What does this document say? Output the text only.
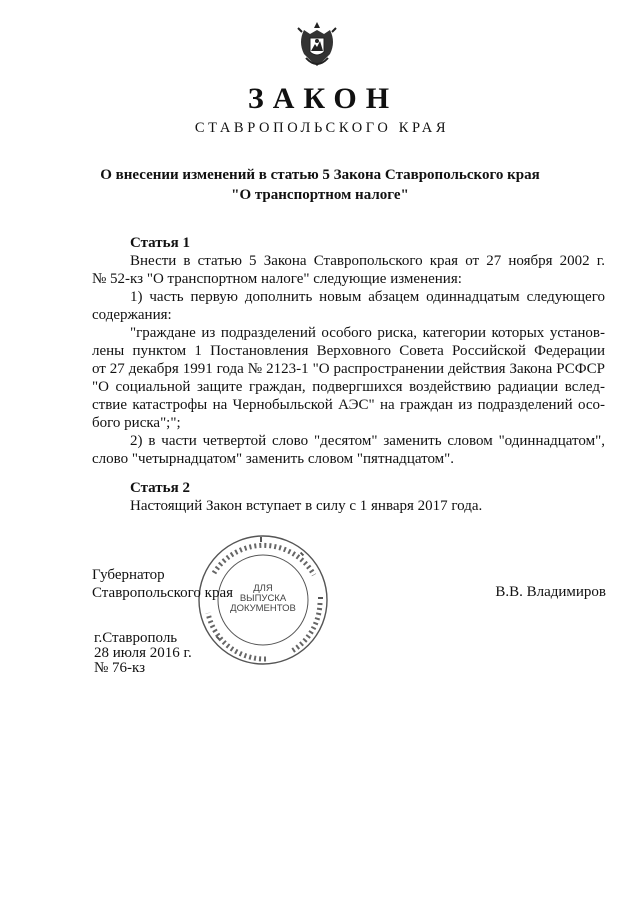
ЗАКОН
СТАВРОПОЛЬСКОГО КРАЯ
О внесении изменений в статью 5 Закона Ставропольского края
"О транспортном налоге"
Статья 1
Внести в статью 5 Закона Ставропольского края от 27 ноября 2002 г.
№ 52-кз "О транспортном налоге" следующие изменения:
1) часть первую дополнить новым абзацем одиннадцатым следующего
содержания:
"граждане из подразделений особого риска, категории которых установ-
лены пунктом 1 Постановления Верховного Совета Российской Федерации
от 27 декабря 1991 года № 2123-1 "О распространении действия Закона РСФСР
"О социальной защите граждан, подвергшихся воздействию радиации вслед-
ствие катастрофы на Чернобыльской АЭС" на граждан из подразделений осо-
бого риска";";
2) в части четвертой слово "десятом" заменить словом "одиннадцатом",
слово "четырнадцатом" заменить словом "пятнадцатом".
Статья 2
Настоящий Закон вступает в силу с 1 января 2017 года.
ДЛЯ
ВЫПУСКА
ДОКУМЕНТОВ
Губернатор
Ставропольского края	В.В. Владимиров
г.Ставрополь
28 июля 2016 г.
№ 76-кз
